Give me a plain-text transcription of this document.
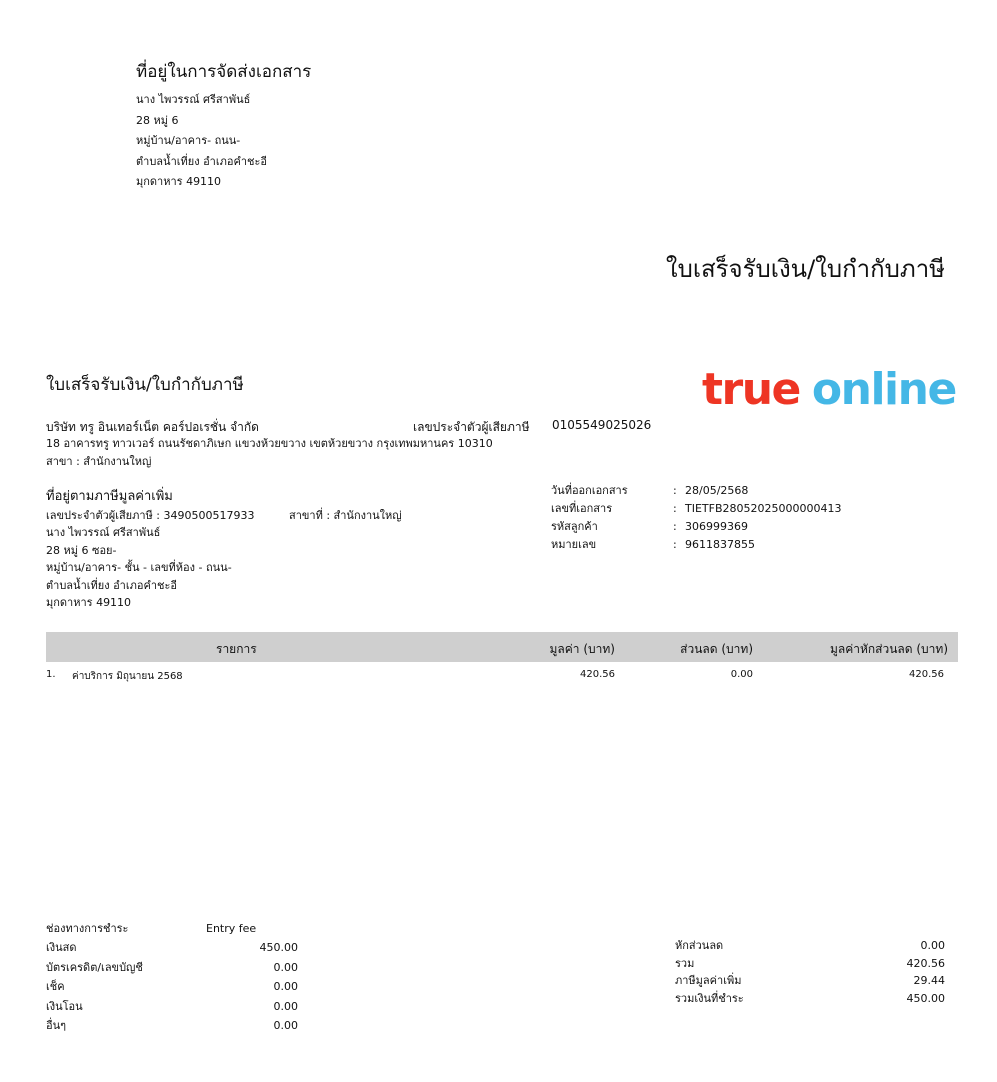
ที่อยู่ในการจัดส่งเอกสาร
นาง ไพวรรณ์ ศรีสาพันธ์
28 หมู่ 6
หมู่บ้าน/อาคาร- ถนน-
ตำบลน้ำเที่ยง อำเภอคำชะอี
มุกดาหาร 49110
ใบเสร็จรับเงิน/ใบกำกับภาษี
ใบเสร็จรับเงิน/ใบกำกับภาษี	true online
บริษัท ทรู อินเทอร์เน็ต คอร์ปอเรชั่น จำกัด	เลขประจำตัวผู้เสียภาษี 0105549025026
18 อาคารทรู ทาวเวอร์ ถนนรัชดาภิเษก แขวงห้วยขวาง เขตห้วยขวาง กรุงเทพมหานคร 10310
สาขา : สำนักงานใหญ่
ที่อยู่ตามภาษีมูลค่าเพิ่ม
เลขประจำตัวผู้เสียภาษี : 3490500517933	สาขาที่ : สำนักงานใหญ่
นาง ไพวรรณ์ ศรีสาพันธ์
28 หมู่ 6 ซอย-
หมู่บ้าน/อาคาร- ชั้น - เลขที่ห้อง - ถนน-
ตำบลน้ำเที่ยง อำเภอคำชะอี
มุกดาหาร 49110
วันที่ออกเอกสาร	: 28/05/2568
เลขที่เอกสาร	: TIETFB28052025000000413
รหัสลูกค้า	: 306999369
หมายเลข	: 9611837855
รายการ	มูลค่า (บาท)	ส่วนลด (บาท)	มูลค่าหักส่วนลด (บาท)
1. ค่าบริการ มิถุนายน 2568	420.56	0.00	420.56
ช่องทางการชำระ	Entry fee
เงินสด	450.00
บัตรเครดิต/เลขบัญชี	0.00
เช็ค	0.00
เงินโอน	0.00
อื่นๆ	0.00
หักส่วนลด	0.00
รวม	420.56
ภาษีมูลค่าเพิ่ม	29.44
รวมเงินที่ชำระ	450.00
